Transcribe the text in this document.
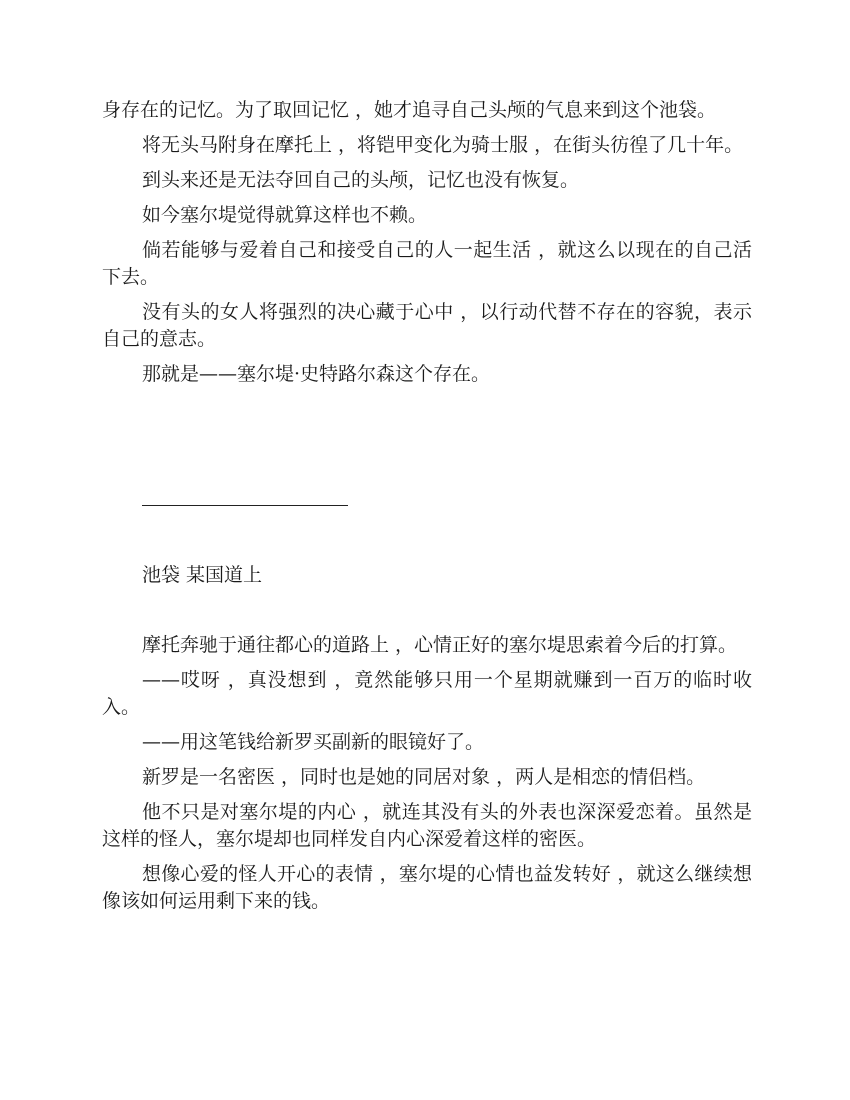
身存在的记忆。为了取回记忆 ，她才追寻自己头颅的气息来到这个池袋。

将无头马附身在摩托上 ，将铠甲变化为骑士服 ，在街头彷徨了几十年。

到头来还是无法夺回自己的头颅，记忆也没有恢复。

如今塞尔堤觉得就算这样也不赖。

倘若能够与爱着自己和接受自己的人一起生活 ，就这么以现在的自己活下去。

没有头的女人将强烈的决心藏于心中 ，以行动代替不存在的容貌，表示自己的意志。

那就是——塞尔堤·史特路尔森这个存在。

池袋 某国道上

摩托奔驰于通往都心的道路上 ，心情正好的塞尔堤思索着今后的打算。

——哎呀 ，真没想到 ，竟然能够只用一个星期就赚到一百万的临时收入。

——用这笔钱给新罗买副新的眼镜好了。

新罗是一名密医 ，同时也是她的同居对象 ，两人是相恋的情侣档。

他不只是对塞尔堤的内心 ，就连其没有头的外表也深深爱恋着。虽然是这样的怪人，塞尔堤却也同样发自内心深爱着这样的密医。

想像心爱的怪人开心的表情 ，塞尔堤的心情也益发转好 ，就这么继续想像该如何运用剩下来的钱。
